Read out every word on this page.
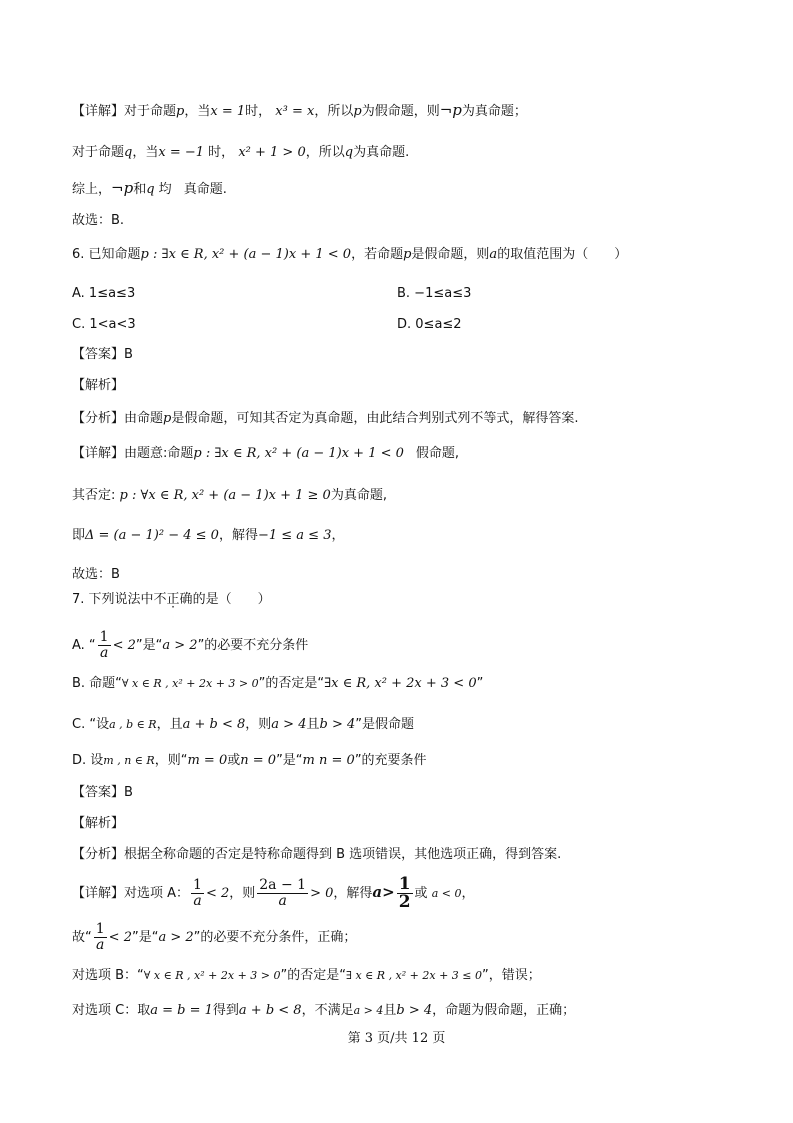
【详解】对于命题p，当x = 1时， x³ = x，所以p为假命题，则¬p为真命题；
对于命题q，当x = −1 时， x² + 1 > 0，所以q为真命题.
综上，¬p和q 均 真命题.
故选：B.
6. 已知命题p : ∃x ∈ R, x² + (a − 1)x + 1 < 0，若命题p是假命题，则a的取值范围为（　　）
A. 1≤a≤3	B. −1≤a≤3
C. 1<a<3	D. 0≤a≤2
【答案】B
【解析】
【分析】由命题p是假命题，可知其否定为真命题，由此结合判别式列不等式，解得答案.
【详解】由题意:命题p : ∃x ∈ R, x² + (a − 1)x + 1 < 0 假命题,
其否定: p : ∀x ∈ R, x² + (a − 1)x + 1 ≥ 0为真命题,
即Δ = (a − 1)² − 4 ≤ 0，解得−1 ≤ a ≤ 3，
故选：B
7. 下列说法中不正确的是（　　）
A. “ $\frac{1}{a} < 2$”是“a > 2”的必要不充分条件
B. 命题“∀ x ∈ R , x² + 2x + 3 > 0”的否定是“∃x ∈ R, x² + 2x + 3 < 0”
C. “设a , b ∈ R，且a + b < 8，则a > 4且b > 4”是假命题
D. 设m , n ∈ R，则“m = 0或n = 0”是“m n = 0”的充要条件
【答案】B
【解析】
【分析】根据全称命题的否定是特称命题得到 B 选项错误，其他选项正确，得到答案.
【详解】对选项 A： $\frac{1}{a} < 2$，则 $\frac{2a - 1}{a} > 0$，解得$a> \frac{1}{2}$ 或 a < 0，
故“ $\frac{1}{a} < 2$”是“a > 2”的必要不充分条件，正确；
对选项 B：“∀ x ∈ R , x² + 2x + 3 > 0”的否定是“∃ x ∈ R , x² + 2x + 3 ≤ 0”，错误；
对选项 C：取a = b = 1得到a + b < 8，不满足a > 4且b > 4，命题为假命题，正确；
第 3 页/共 12 页
